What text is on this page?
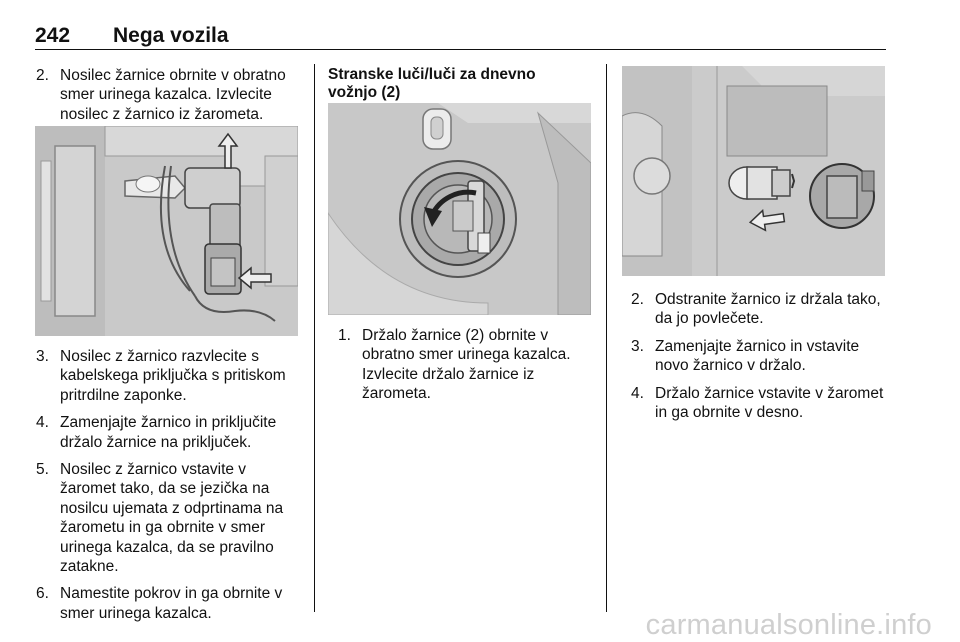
242 Nega vozila
2. Nosilec žarnice obrnite v obratno smer urinega kazalca. Izvlecite nosilec z žarnico iz žarometa.
3. Nosilec z žarnico razvlecite s kabelskega priključka s pritiskom pritrdilne zaponke.
4. Zamenjajte žarnico in priključite držalo žarnice na priključek.
5. Nosilec z žarnico vstavite v žaromet tako, da se jezička na nosilcu ujemata z odprtinama na žarometu in ga obrnite v smer urinega kazalca, da se pravilno zatakne.
6. Namestite pokrov in ga obrnite v smer urinega kazalca.
Stranske luči/luči za dnevno vožnjo (2)
1. Držalo žarnice (2) obrnite v obratno smer urinega kazalca. Izvlecite držalo žarnice iz žarometa.
2. Odstranite žarnico iz držala tako, da jo povlečete.
3. Zamenjajte žarnico in vstavite novo žarnico v držalo.
4. Držalo žarnice vstavite v žaromet in ga obrnite v desno.
carmanualsonline.info
